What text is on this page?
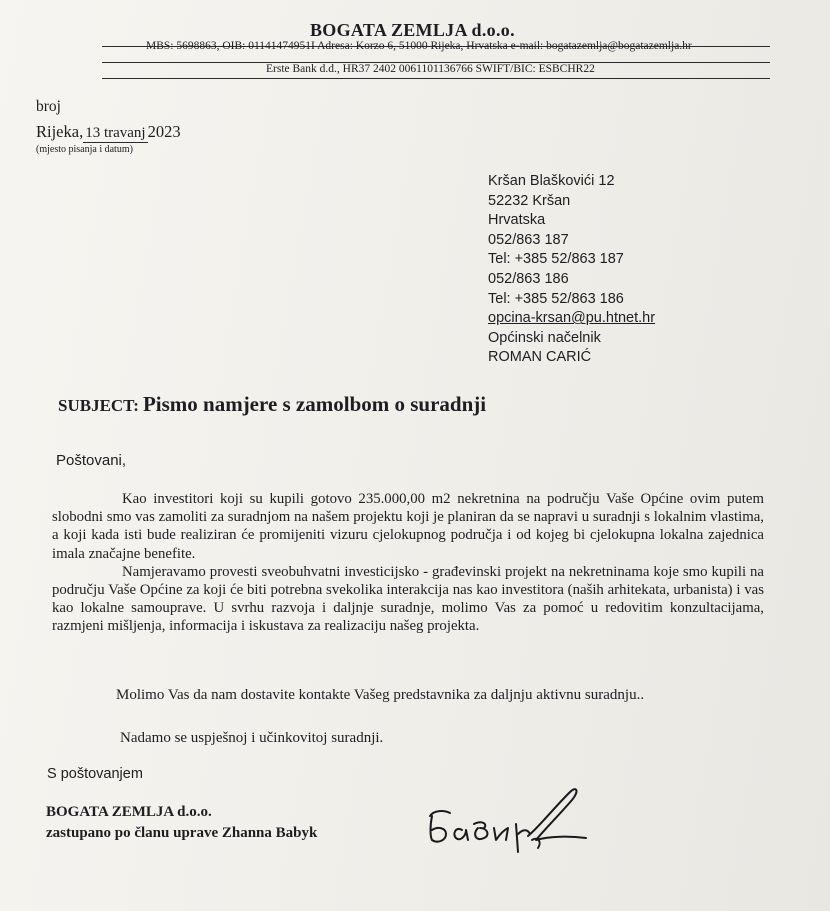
BOGATA ZEMLJA d.o.o.
MBS: 5698863, OIB: 01141474951I Adresa: Korzo 6, 51000 Rijeka, Hrvatska e-mail: bogatazemlja@bogatazemlja.hr
Erste Bank d.d., HR37 2402 0061101136766 SWIFT/BIC: ESBCHR22
broj
Rijeka, 13 travanj 2023
(mjesto pisanja i datum)
Kršan Blaškovići 12
52232 Kršan
Hrvatska
052/863 187
Tel: +385 52/863 187
052/863 186
Tel: +385 52/863 186
opcina-krsan@pu.htnet.hr
Općinski načelnik
ROMAN CARIĆ
SUBJECT: Pismo namjere s zamolbom o suradnji
Poštovani,

Kao investitori koji su kupili gotovo 235.000,00 m2 nekretnina na području Vaše Općine ovim putem slobodni smo vas zamoliti za suradnjom na našem projektu koji je planiran da se napravi u suradnji s lokalnim vlastima, a koji kada isti bude realiziran će promijeniti vizuru cjelokupnog područja i od kojeg bi cjelokupna lokalna zajednica imala značajne benefite.

Namjeravamo provesti sveobuhvatni investicijsko - građevinski projekt na nekretninama koje smo kupili na području Vaše Općine za koji će biti potrebna svekolika interakcija nas kao investitora (naših arhitekata, urbanista) i vas kao lokalne samouprave. U svrhu razvoja i daljnje suradnje, molimo Vas za pomoć u redovitim konzultacijama, razmjeni mišljenja, informacija i iskustava za realizaciju našeg projekta.

Molimo Vas da nam dostavite kontakte Vašeg predstavnika za daljnju aktivnu suradnju..
Nadamo se uspješnoj i učinkovitoj suradnji.
S poštovanjem
BOGATA ZEMLJA d.o.o.
zastupano po članu uprave Zhanna Babyk
